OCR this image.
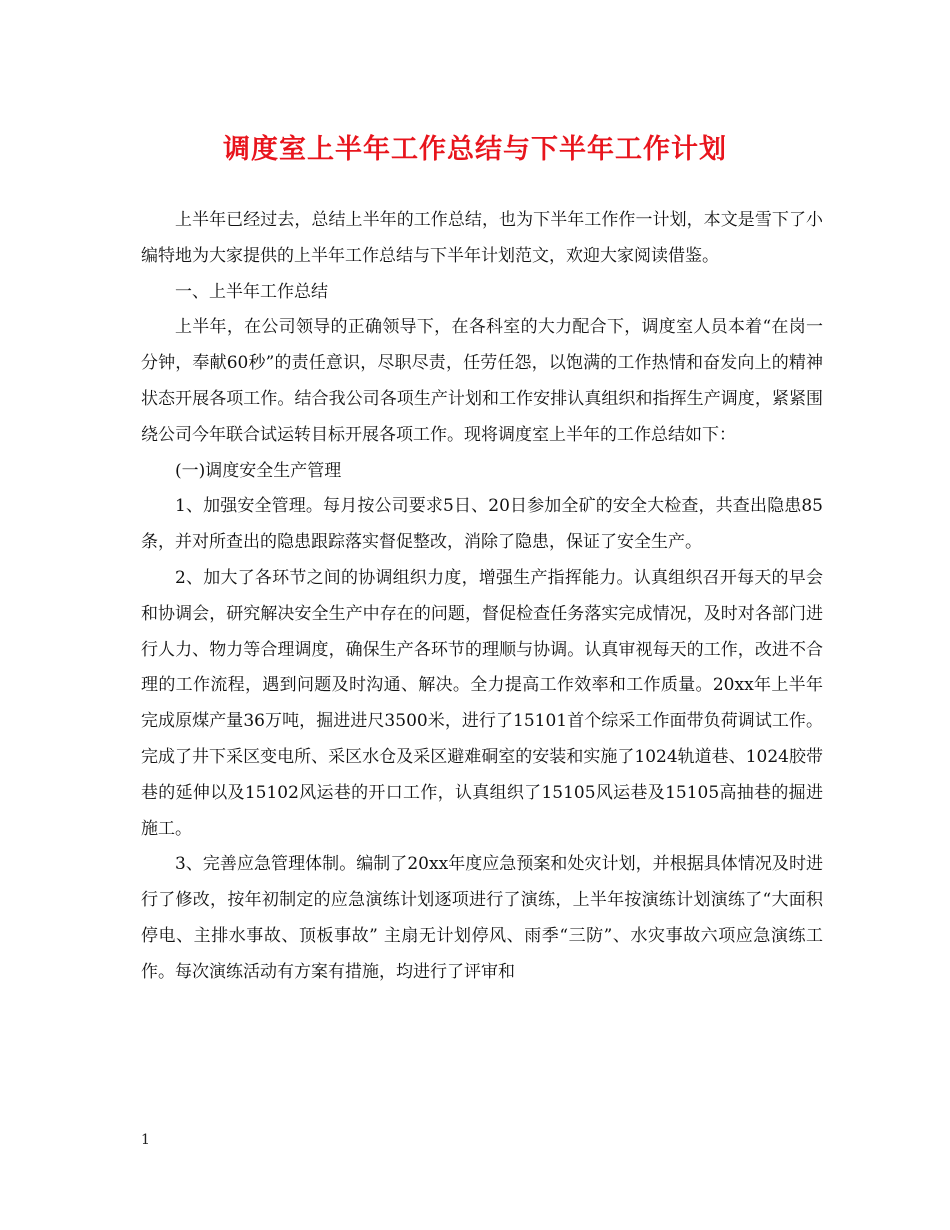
调度室上半年工作总结与下半年工作计划

上半年已经过去，总结上半年的工作总结，也为下半年工作作一计划，本文是雪下了小编特地为大家提供的上半年工作总结与下半年计划范文，欢迎大家阅读借鉴。

一、上半年工作总结

上半年，在公司领导的正确领导下，在各科室的大力配合下，调度室人员本着“在岗一分钟，奉献60秒”的责任意识，尽职尽责，任劳任怨，以饱满的工作热情和奋发向上的精神状态开展各项工作。结合我公司各项生产计划和工作安排认真组织和指挥生产调度，紧紧围绕公司今年联合试运转目标开展各项工作。现将调度室上半年的工作总结如下：

(一)调度安全生产管理

1、加强安全管理。每月按公司要求5日、20日参加全矿的安全大检查，共查出隐患85条，并对所查出的隐患跟踪落实督促整改，消除了隐患，保证了安全生产。

2、加大了各环节之间的协调组织力度，增强生产指挥能力。认真组织召开每天的早会和协调会，研究解决安全生产中存在的问题，督促检查任务落实完成情况，及时对各部门进行人力、物力等合理调度，确保生产各环节的理顺与协调。认真审视每天的工作，改进不合理的工作流程，遇到问题及时沟通、解决。全力提高工作效率和工作质量。20xx年上半年完成原煤产量36万吨，掘进进尺3500米，进行了15101首个综采工作面带负荷调试工作。完成了井下采区变电所、采区水仓及采区避难硐室的安装和实施了1024轨道巷、1024胶带巷的延伸以及15102风运巷的开口工作，认真组织了15105风运巷及15105高抽巷的掘进施工。

3、完善应急管理体制。编制了20xx年度应急预案和处灾计划，并根据具体情况及时进行了修改，按年初制定的应急演练计划逐项进行了演练，上半年按演练计划演练了“大面积停电、主排水事故、顶板事故” 主扇无计划停风、雨季“三防”、水灾事故六项应急演练工作。每次演练活动有方案有措施，均进行了评审和

1
